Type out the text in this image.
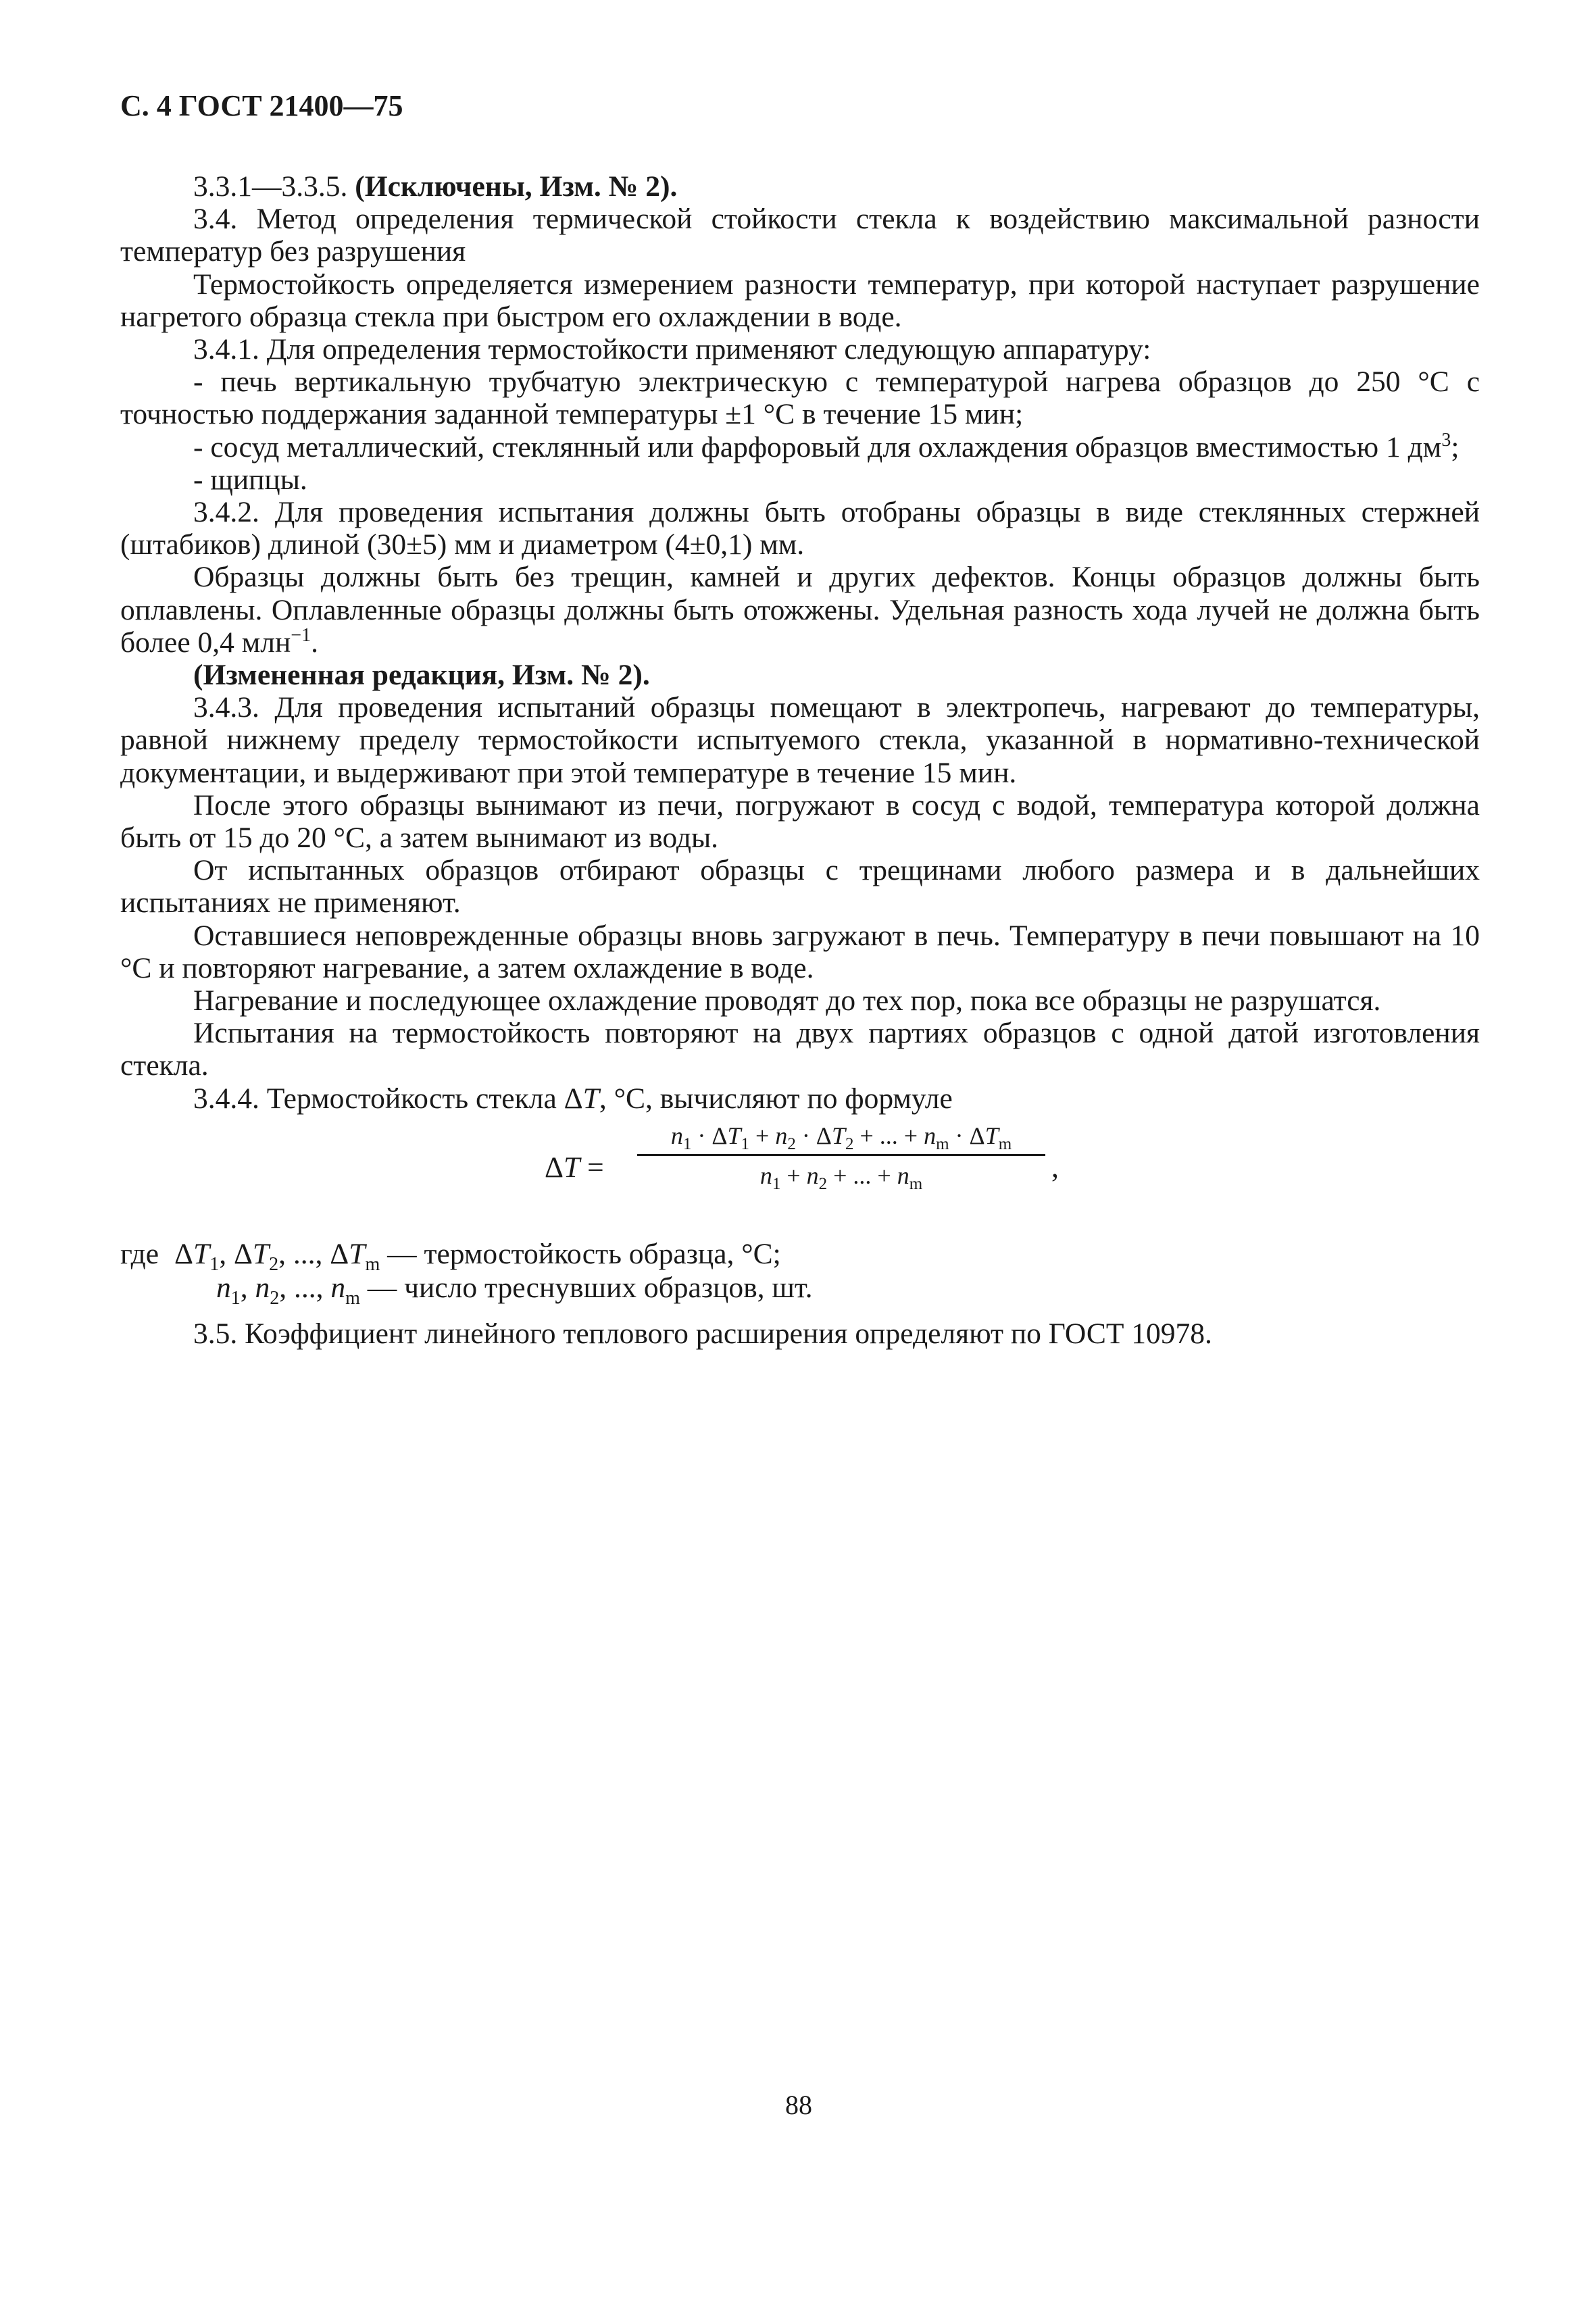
С. 4 ГОСТ 21400—75

3.3.1—3.3.5. (Исключены, Изм. № 2).

3.4. Метод определения термической стойкости стекла к воздействию максимальной разности температур без разрушения

Термостойкость определяется измерением разности температур, при которой наступает разрушение нагретого образца стекла при быстром его охлаждении в воде.

3.4.1. Для определения термостойкости применяют следующую аппаратуру:

- печь вертикальную трубчатую электрическую с температурой нагрева образцов до 250 °С с точностью поддержания заданной температуры ±1 °С в течение 15 мин;

- сосуд металлический, стеклянный или фарфоровый для охлаждения образцов вместимостью 1 $дм^3$;

- щипцы.

3.4.2. Для проведения испытания должны быть отобраны образцы в виде стеклянных стержней (штабиков) длиной (30±5) мм и диаметром (4±0,1) мм.

Образцы должны быть без трещин, камней и других дефектов. Концы образцов должны быть оплавлены. Оплавленные образцы должны быть отожжены. Удельная разность хода лучей не должна быть более 0,4 млн$^{-1}$.

(Измененная редакция, Изм. № 2).

3.4.3. Для проведения испытаний образцы помещают в электропечь, нагревают до температуры, равной нижнему пределу термостойкости испытуемого стекла, указанной в нормативно-технической документации, и выдерживают при этой температуре в течение 15 мин.

После этого образцы вынимают из печи, погружают в сосуд с водой, температура которой должна быть от 15 до 20 °С, а затем вынимают из воды.

От испытанных образцов отбирают образцы с трещинами любого размера и в дальнейших испытаниях не применяют.

Оставшиеся неповрежденные образцы вновь загружают в печь. Температуру в печи повышают на 10 °С и повторяют нагревание, а затем охлаждение в воде.

Нагревание и последующее охлаждение проводят до тех пор, пока все образцы не разрушатся.

Испытания на термостойкость повторяют на двух партиях образцов с одной датой изготовления стекла.

3.4.4. Термостойкость стекла ΔT, °С, вычисляют по формуле

ΔT =
$n_1 \cdot \Delta T_1 + n_2 \cdot \Delta T_2$ + ... + $n_m \cdot \Delta T_m$
$n_1 + n_2$ + ... + $n_m$
,
где $\Delta T_1$, $\Delta T_2$, ..., $\Delta T_m$ — термостойкость образца, °С;
$n_1$, $n_2$, ..., $n_m$ — число треснувших образцов, шт.

3.5. Коэффициент линейного теплового расширения определяют по ГОСТ 10978.

88
